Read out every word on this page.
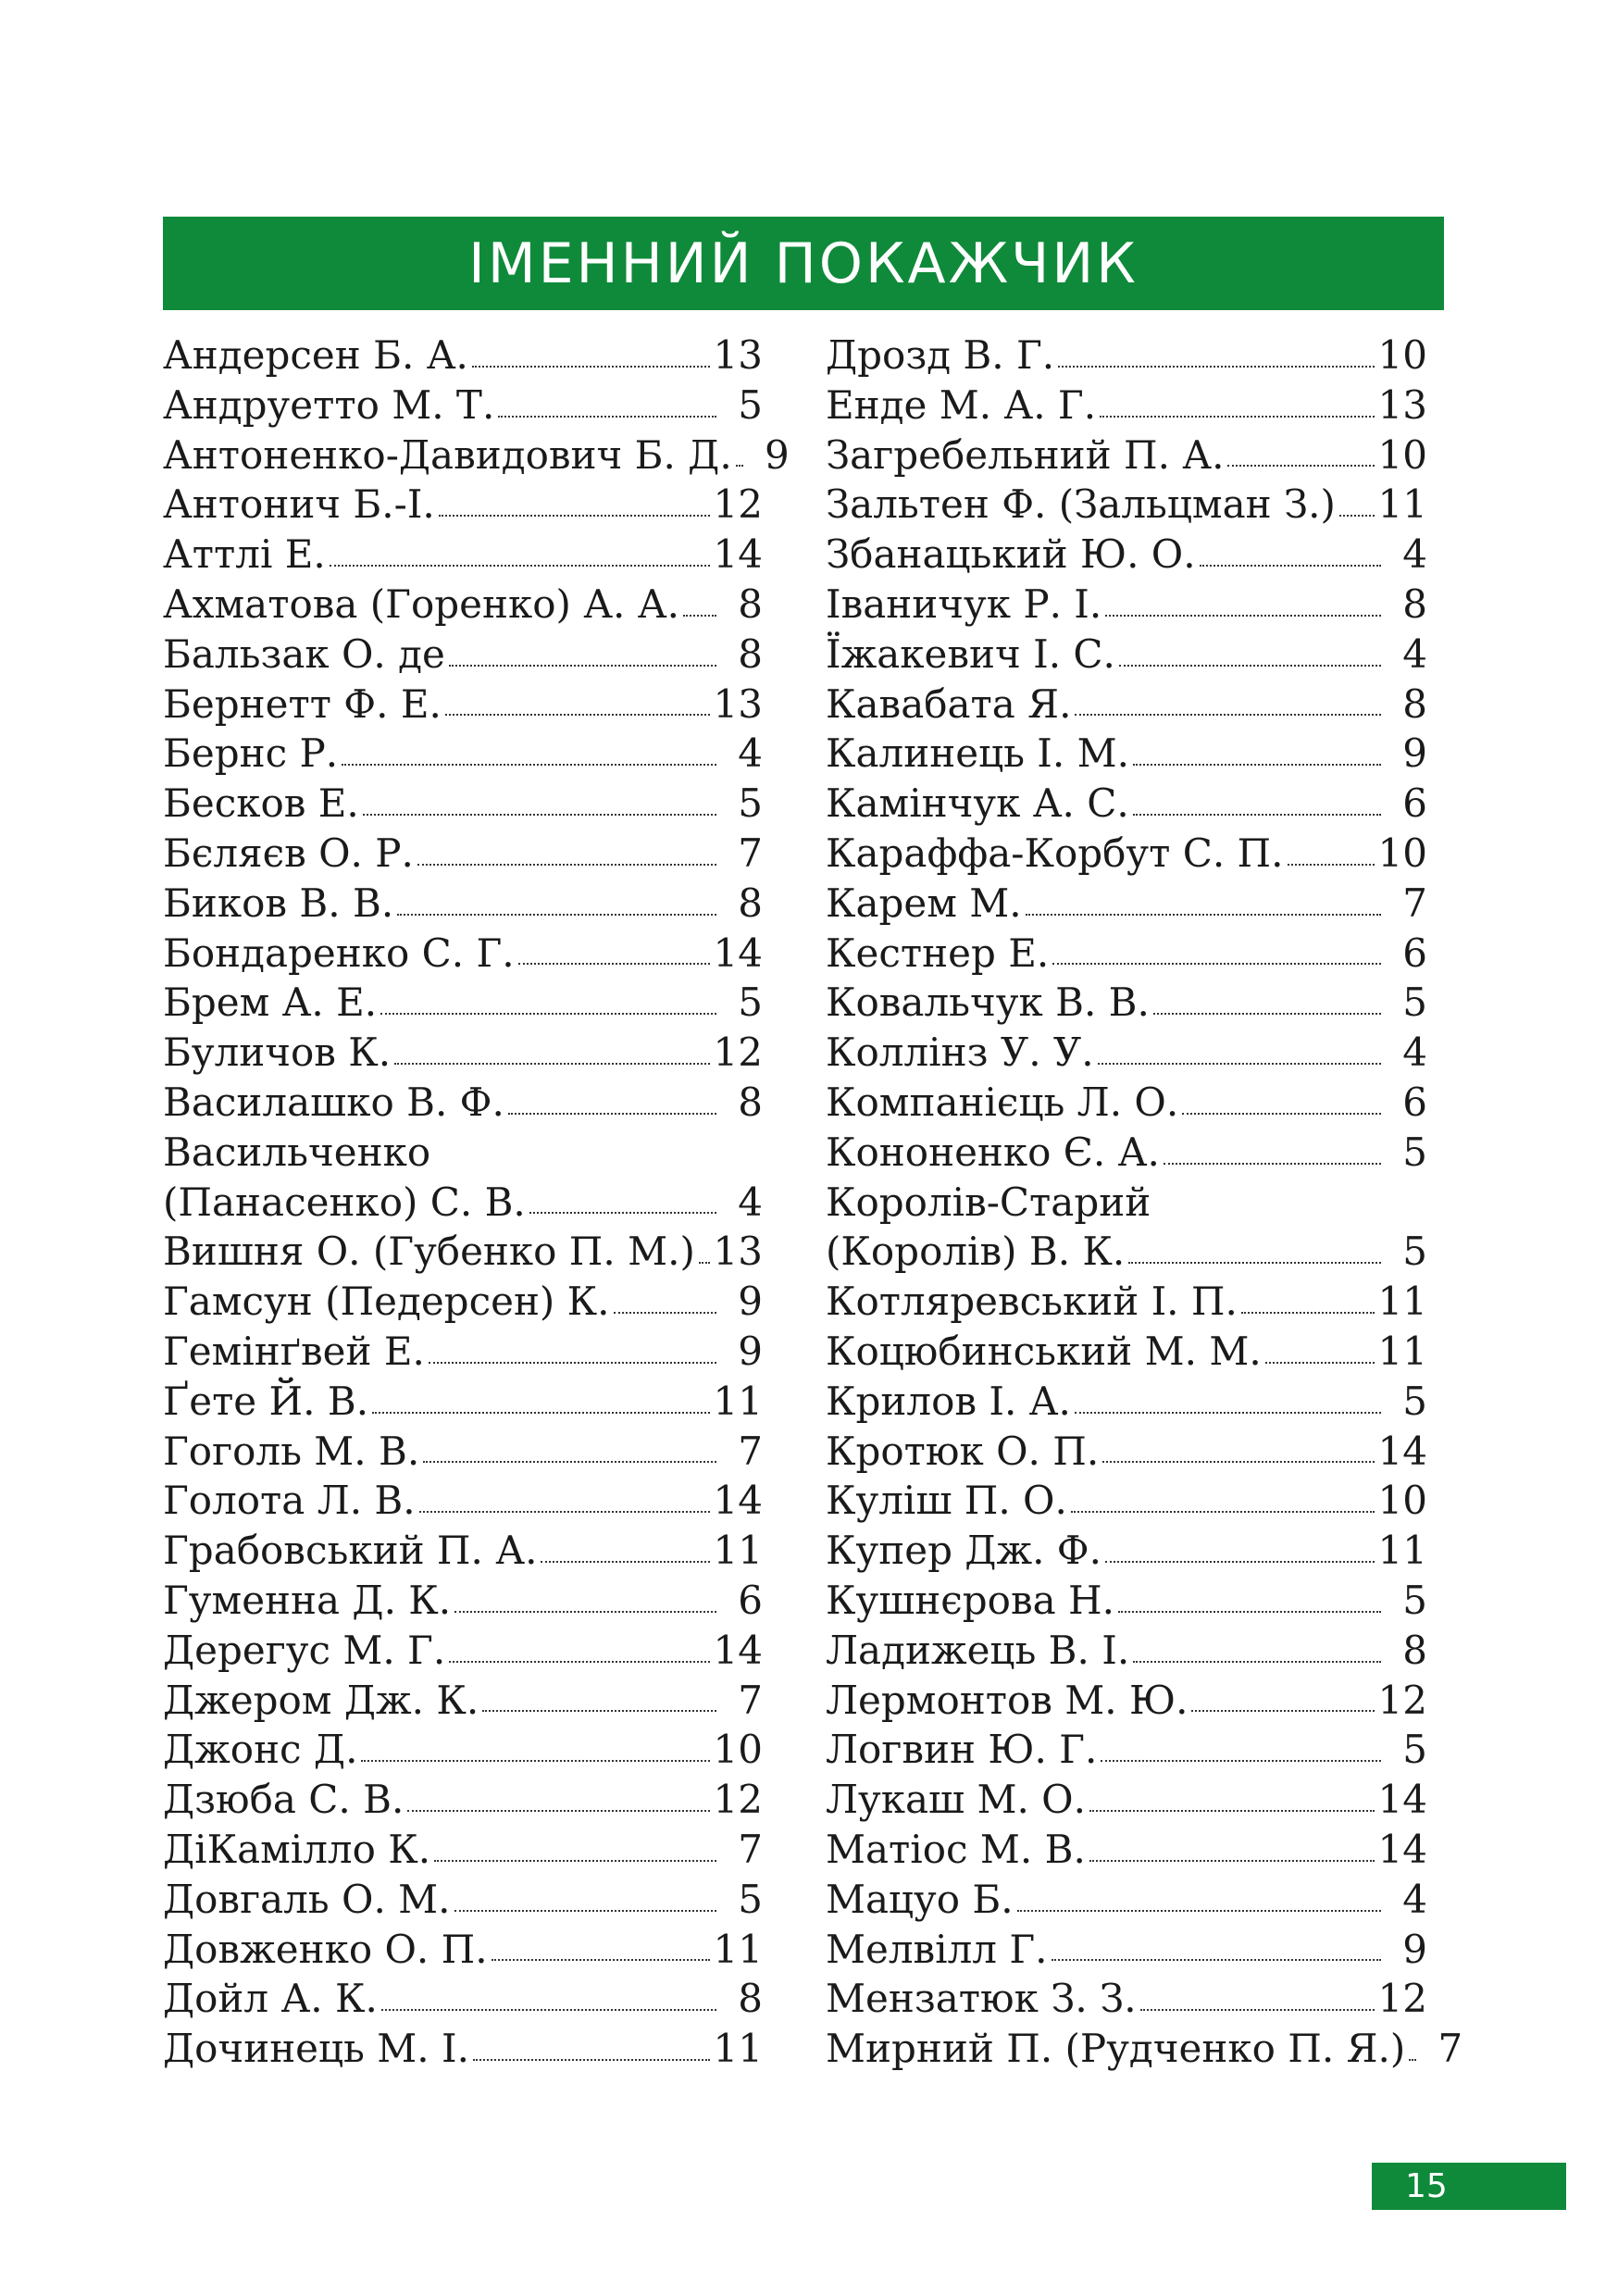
ІМЕННИЙ ПОКАЖЧИК
Андерсен Б. А.	13
Андруетто М. Т.	5
Антоненко-Давидович Б. Д. 9
Антонич Б.-І.	12
Аттлі Е.	14
Ахматова (Горенко) А. А.	8
Бальзак О. де	8
Бернетт Ф. Е.	13
Бернс Р.	4
Бесков Е.	5
Бєляєв О. Р.	7
Биков В. В.	8
Бондаренко С. Г.	14
Брем А. Е.	5
Буличов К.	12
Василашко В. Ф.	8
Васильченко
(Панасенко) С. В.	4
Вишня О. (Губенко П. М.) 13
Гамсун (Педерсен) К.	9
Гемінґвей Е.	9
Ґете Й. В.	11
Гоголь М. В.	7
Голота Л. В.	14
Грабовський П. А.	11
Гуменна Д. К.	6
Дерегус М. Г.	14
Джером Дж. К.	7
Джонс Д.	10
Дзюба С. В.	12
ДіКамілло К.	7
Довгаль О. М.	5
Довженко О. П.	11
Дойл А. К.	8
Дочинець М. І.	11
Дрозд В. Г.	10
Енде М. А. Г.	13
Загребельний П. А.	10
Зальтен Ф. (Зальцман З.) 11
Збанацький Ю. О.	4
Іваничук Р. І.	8
Їжакевич І. С.	4
Кавабата Я.	8
Калинець І. М.	9
Камінчук А. С.	6
Караффа-Корбут С. П. 10
Карем М.	7
Кестнер Е.	6
Ковальчук В. В.	5
Коллінз У. У.	4
Компанієць Л. О.	6
Кононенко Є. А.	5
Королів-Старий
(Королів) В. К.	5
Котляревський І. П.	11
Коцюбинський М. М.	11
Крилов І. А.	5
Кротюк О. П.	14
Куліш П. О.	10
Купер Дж. Ф.	11
Кушнєрова Н.	5
Ладижець В. І.	8
Лермонтов М. Ю.	12
Логвин Ю. Г.	5
Лукаш М. О.	14
Матіос М. В.	14
Мацуо Б.	4
Мелвілл Г.	9
Мензатюк З. З.	12
Мирний П. (Рудченко П. Я.) 7
15
